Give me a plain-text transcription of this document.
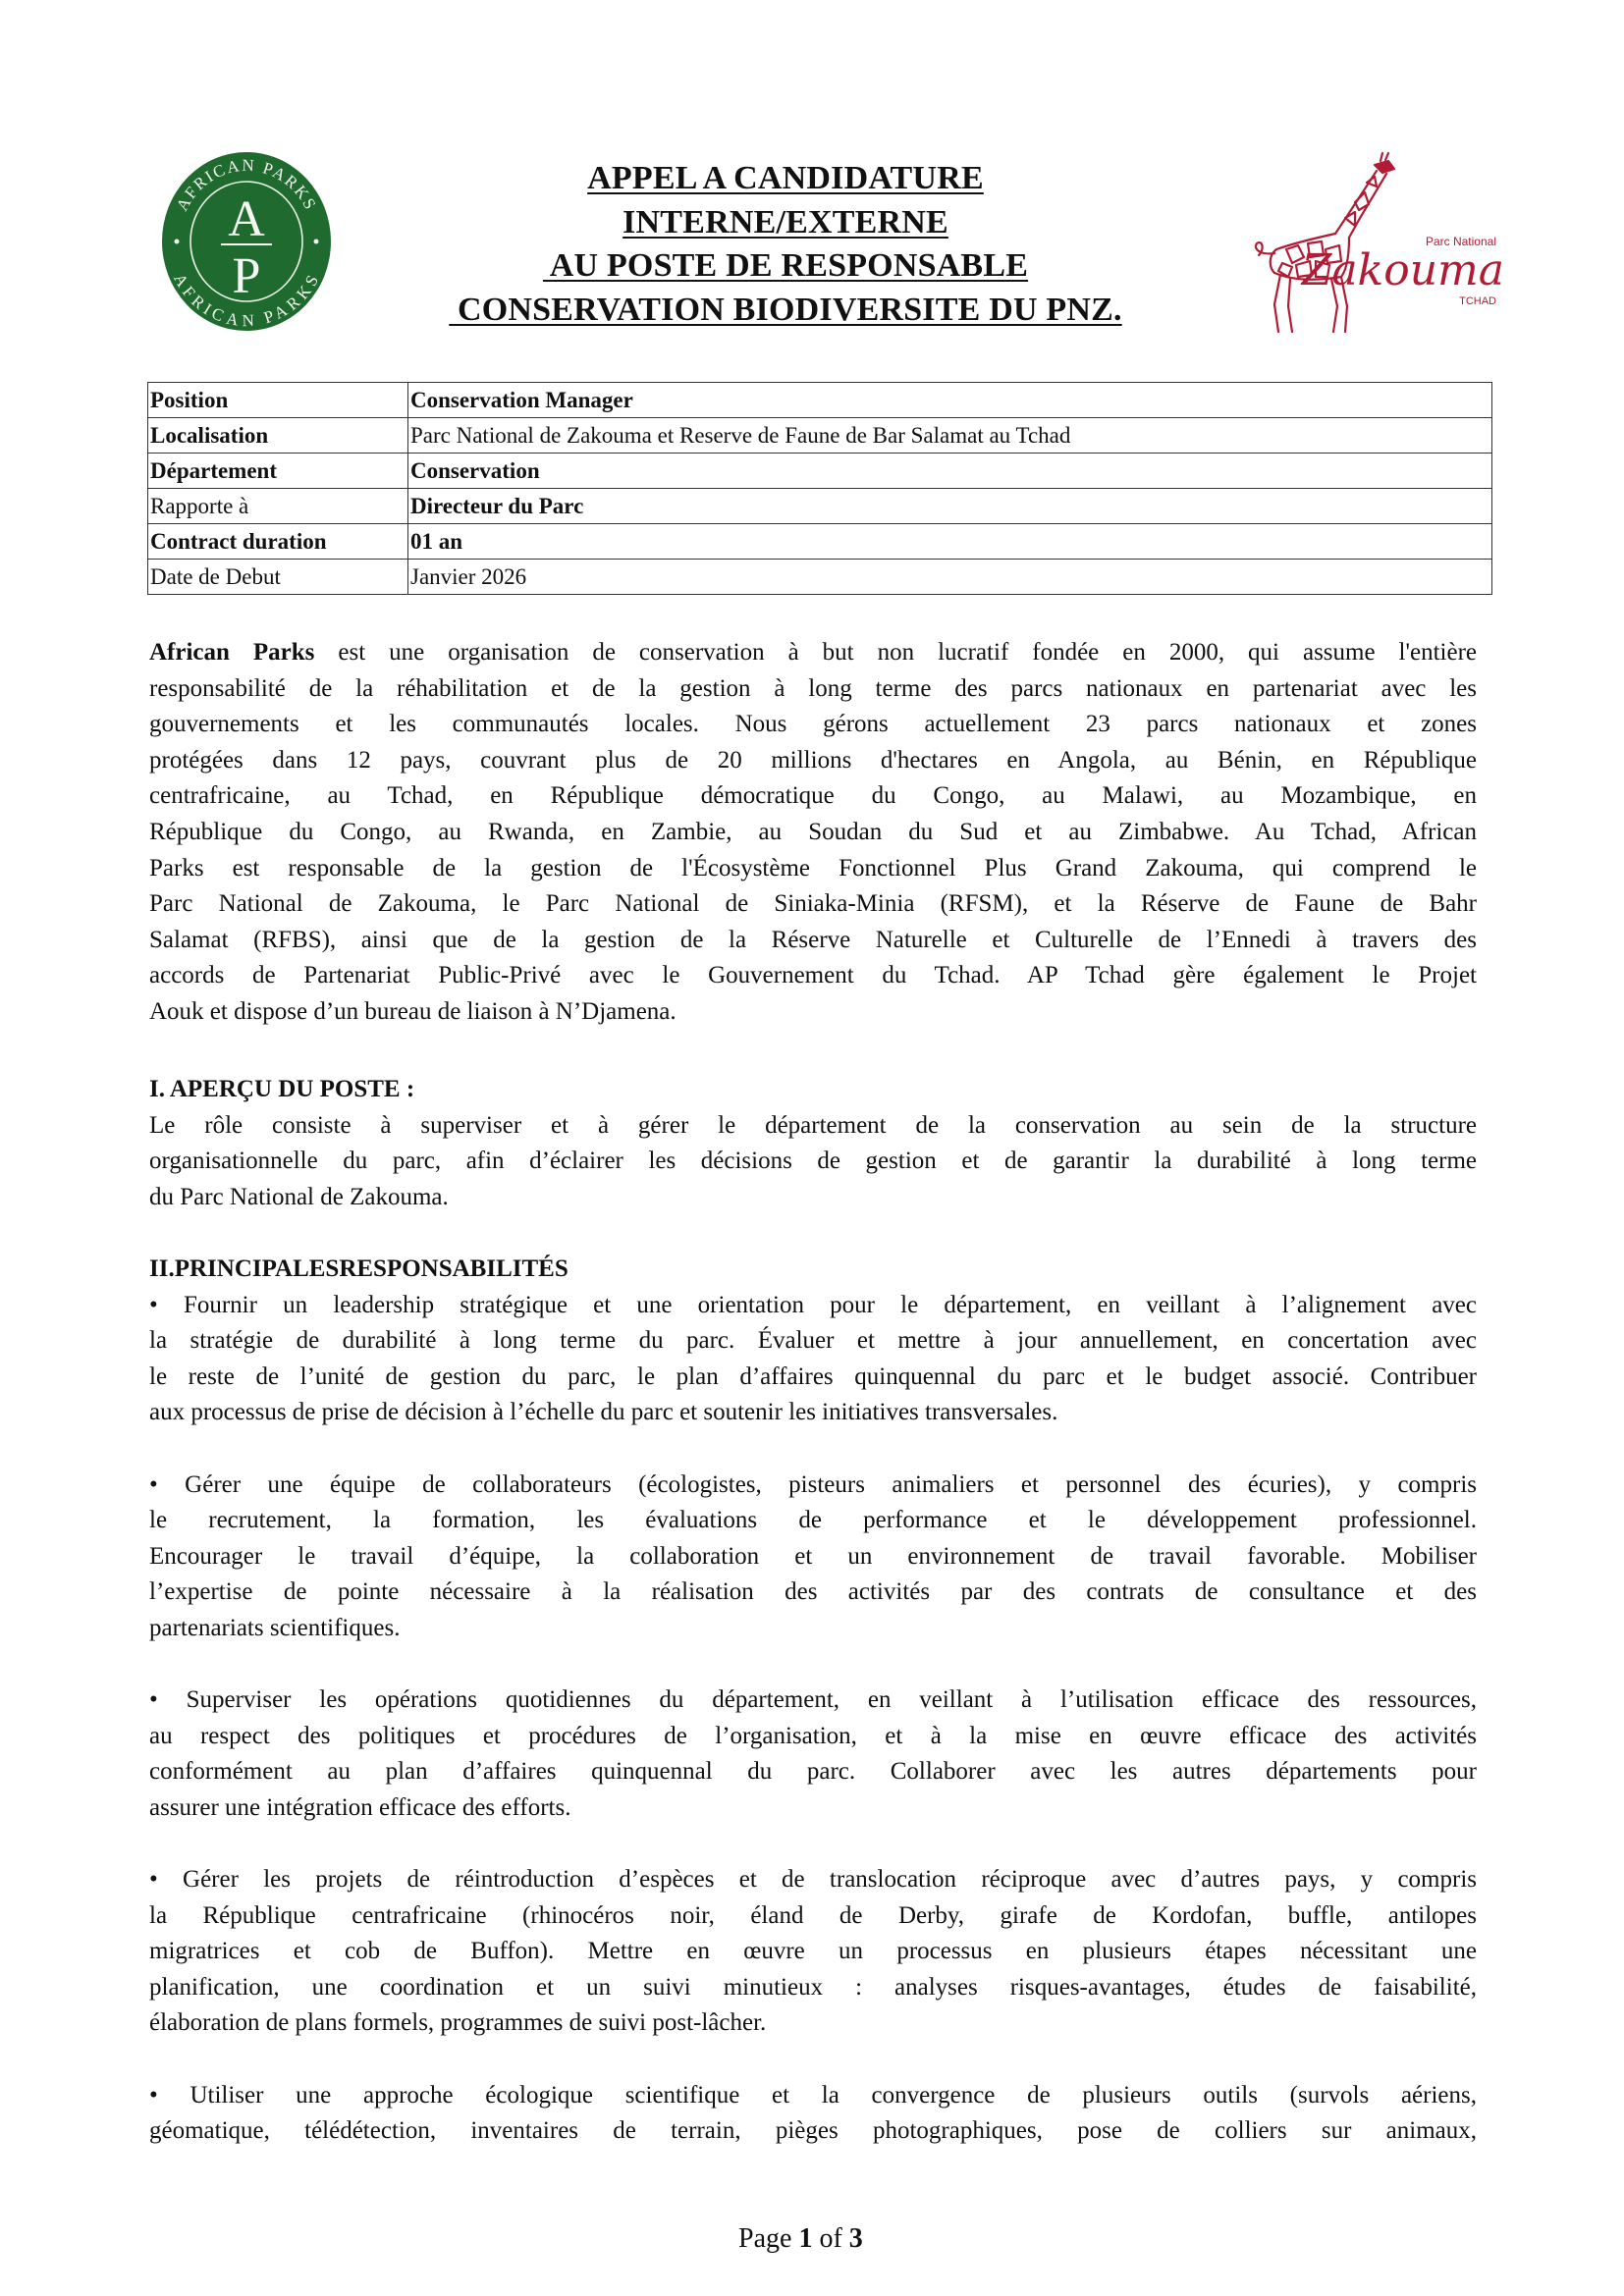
AFRICAN PARKS
AFRICAN PARKS
A
P
Parc National
Zakouma
TCHAD
APPEL A CANDIDATURE
INTERNE/EXTERNE
AU POSTE DE RESPONSABLE
CONSERVATION BIODIVERSITE DU PNZ.
Position	Conservation Manager
Localisation	Parc National de Zakouma et Reserve de Faune de Bar Salamat au Tchad
Département	Conservation
Rapporte à	Directeur du Parc
Contract duration	01 an
Date de Debut	Janvier 2026
African Parks est une organisation de conservation à but non lucratif fondée en 2000, qui assume l'entière
responsabilité de la réhabilitation et de la gestion à long terme des parcs nationaux en partenariat avec les
gouvernements et les communautés locales. Nous gérons actuellement 23 parcs nationaux et zones
protégées dans 12 pays, couvrant plus de 20 millions d'hectares en Angola, au Bénin, en République
centrafricaine, au Tchad, en République démocratique du Congo, au Malawi, au Mozambique, en
République du Congo, au Rwanda, en Zambie, au Soudan du Sud et au Zimbabwe. Au Tchad, African
Parks est responsable de la gestion de l'Écosystème Fonctionnel Plus Grand Zakouma, qui comprend le
Parc National de Zakouma, le Parc National de Siniaka-Minia (RFSM), et la Réserve de Faune de Bahr
Salamat (RFBS), ainsi que de la gestion de la Réserve Naturelle et Culturelle de l’Ennedi à travers des
accords de Partenariat Public-Privé avec le Gouvernement du Tchad. AP Tchad gère également le Projet
Aouk et dispose d’un bureau de liaison à N’Djamena.
I. APERÇU DU POSTE :
Le rôle consiste à superviser et à gérer le département de la conservation au sein de la structure
organisationnelle du parc, afin d’éclairer les décisions de gestion et de garantir la durabilité à long terme
du Parc National de Zakouma.
II.PRINCIPALESRESPONSABILITÉS
• Fournir un leadership stratégique et une orientation pour le département, en veillant à l’alignement avec
la stratégie de durabilité à long terme du parc. Évaluer et mettre à jour annuellement, en concertation avec
le reste de l’unité de gestion du parc, le plan d’affaires quinquennal du parc et le budget associé. Contribuer
aux processus de prise de décision à l’échelle du parc et soutenir les initiatives transversales.
• Gérer une équipe de collaborateurs (écologistes, pisteurs animaliers et personnel des écuries), y compris
le recrutement, la formation, les évaluations de performance et le développement professionnel.
Encourager le travail d’équipe, la collaboration et un environnement de travail favorable. Mobiliser
l’expertise de pointe nécessaire à la réalisation des activités par des contrats de consultance et des
partenariats scientifiques.
• Superviser les opérations quotidiennes du département, en veillant à l’utilisation efficace des ressources,
au respect des politiques et procédures de l’organisation, et à la mise en œuvre efficace des activités
conformément au plan d’affaires quinquennal du parc. Collaborer avec les autres départements pour
assurer une intégration efficace des efforts.
• Gérer les projets de réintroduction d’espèces et de translocation réciproque avec d’autres pays, y compris
la République centrafricaine (rhinocéros noir, éland de Derby, girafe de Kordofan, buffle, antilopes
migratrices et cob de Buffon). Mettre en œuvre un processus en plusieurs étapes nécessitant une
planification, une coordination et un suivi minutieux : analyses risques-avantages, études de faisabilité,
élaboration de plans formels, programmes de suivi post-lâcher.
• Utiliser une approche écologique scientifique et la convergence de plusieurs outils (survols aériens,
géomatique, télédétection, inventaires de terrain, pièges photographiques, pose de colliers sur animaux,
Page 1 of 3
